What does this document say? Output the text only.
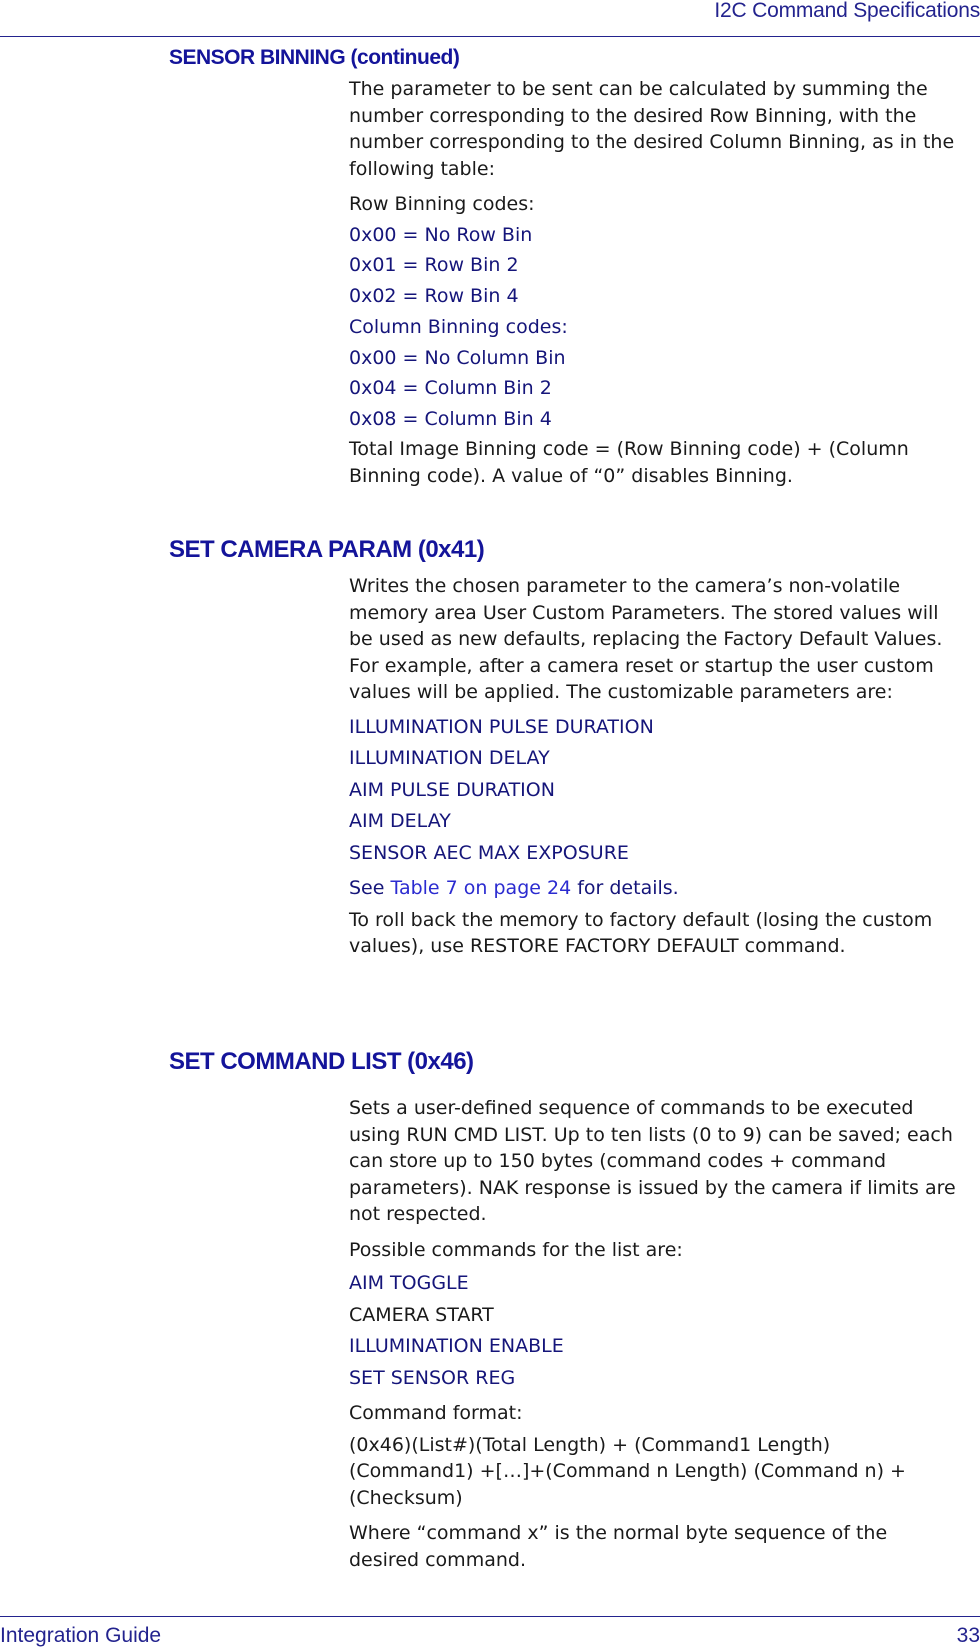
I2C Command Specifications
SENSOR BINNING (continued)

The parameter to be sent can be calculated by summing the number corresponding to the desired Row Binning, with the number corresponding to the desired Column Binning, as in the following table:

Row Binning codes:

0x00 = No Row Bin

0x01 = Row Bin 2

0x02 = Row Bin 4

Column Binning codes:

0x00 = No Column Bin

0x04 = Column Bin 2

0x08 = Column Bin 4

Total Image Binning code = (Row Binning code) + (Column Binning code). A value of “0” disables Binning.

SET CAMERA PARAM (0x41)

Writes the chosen parameter to the camera’s non-volatile memory area User Custom Parameters. The stored values will be used as new defaults, replacing the Factory Default Values. For example, after a camera reset or startup the user custom values will be applied. The customizable parameters are:

ILLUMINATION PULSE DURATION

ILLUMINATION DELAY

AIM PULSE DURATION

AIM DELAY

SENSOR AEC MAX EXPOSURE

See Table 7 on page 24 for details.

To roll back the memory to factory default (losing the custom values), use RESTORE FACTORY DEFAULT command.

SET COMMAND LIST (0x46)

Sets a user-defined sequence of commands to be executed using RUN CMD LIST. Up to ten lists (0 to 9) can be saved; each can store up to 150 bytes (command codes + command parameters). NAK response is issued by the camera if limits are not respected.

Possible commands for the list are:

AIM TOGGLE

CAMERA START

ILLUMINATION ENABLE

SET SENSOR REG

Command format:

(0x46)(List#)(Total Length) + (Command1 Length) (Command1) +[…]+(Command n Length) (Command n) +(Checksum)

Where “command x” is the normal byte sequence of the desired command.

Integration Guide	33
